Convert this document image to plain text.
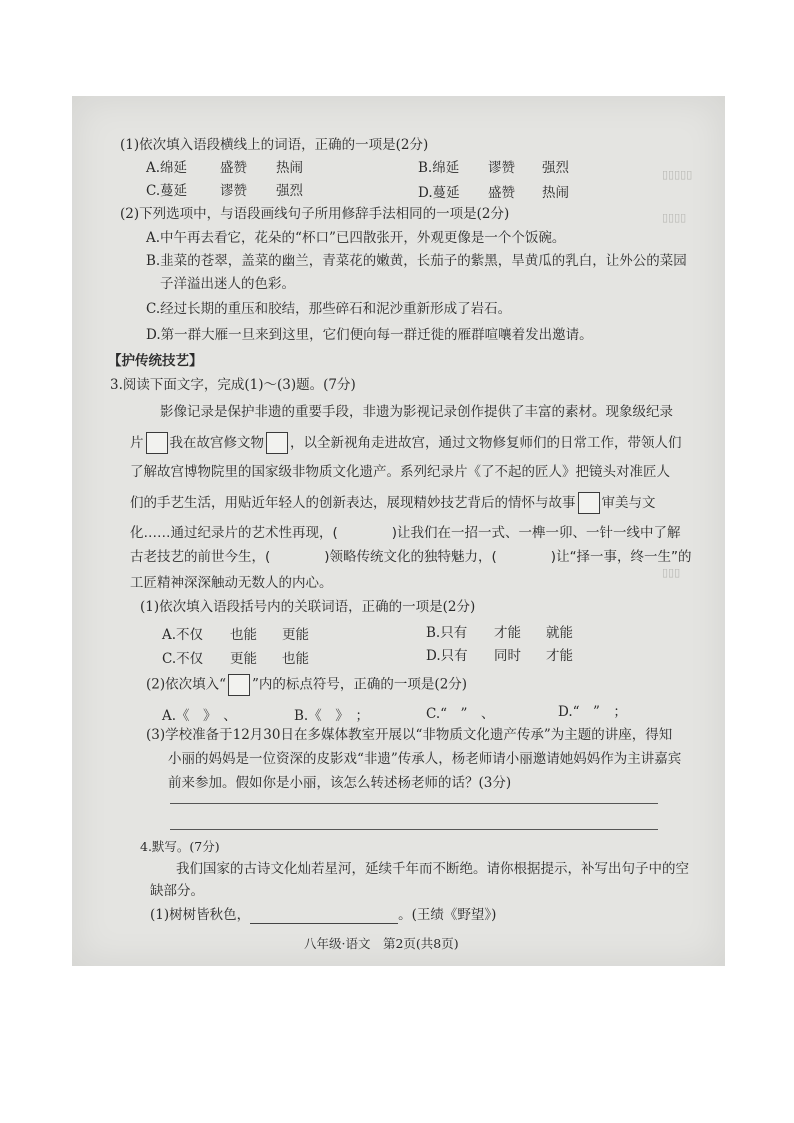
▯▯▯▯▯
▯▯▯▯
▯▯▯
(1)依次填入语段横线上的词语，正确的一项是(2分)
A.绵延 盛赞 热闹	B.绵延 谬赞 强烈
C.蔓延 谬赞 强烈	D.蔓延 盛赞 热闹
(2)下列选项中，与语段画线句子所用修辞手法相同的一项是(2分)
A.中午再去看它，花朵的“杯口”已四散张开，外观更像是一个个饭碗。
B.韭菜的苍翠，盖菜的幽兰，青菜花的嫩黄，长茄子的紫黑，旱黄瓜的乳白，让外公的菜园
子洋溢出迷人的色彩。
C.经过长期的重压和胶结，那些碎石和泥沙重新形成了岩石。
D.第一群大雁一旦来到这里，它们便向每一群迁徙的雁群喧嚷着发出邀请。
【护传统技艺】
3.阅读下面文字，完成(1)～(3)题。(7分)
影像记录是保护非遗的重要手段，非遗为影视记录创作提供了丰富的素材。现象级纪录
片 我在故宫修文物 ，以全新视角走进故宫，通过文物修复师们的日常工作，带领人们
了解故宫博物院里的国家级非物质文化遗产。系列纪录片《了不起的匠人》把镜头对准匠人
们的手艺生活，用贴近年轻人的创新表达，展现精妙技艺背后的情怀与故事 审美与文
化……通过纪录片的艺术性再现，(　　　　)让我们在一招一式、一榫一卯、一针一线中了解
古老技艺的前世今生，(　　　　)领略传统文化的独特魅力，(　　　　)让“择一事，终一生”的
工匠精神深深触动无数人的内心。
(1)依次填入语段括号内的关联词语，正确的一项是(2分)
A.不仅 也能 更能	B.只有 才能 就能
C.不仅 更能 也能	D.只有 同时 才能
(2)依次填入“ ”内的标点符号，正确的一项是(2分)
A.《　》　、	B.《　》　；	C.“　”　、	D.“　”　；
(3)学校准备于12月30日在多媒体教室开展以“非物质文化遗产传承”为主题的讲座，得知
小丽的妈妈是一位资深的皮影戏“非遗”传承人，杨老师请小丽邀请她妈妈作为主讲嘉宾
前来参加。假如你是小丽，该怎么转述杨老师的话？(3分)
4.默写。(7分)
我们国家的古诗文化灿若星河，延续千年而不断绝。请你根据提示，补写出句子中的空
缺部分。
(1)树树皆秋色，	。(王绩《野望》)
八年级·语文　第2页(共8页)
